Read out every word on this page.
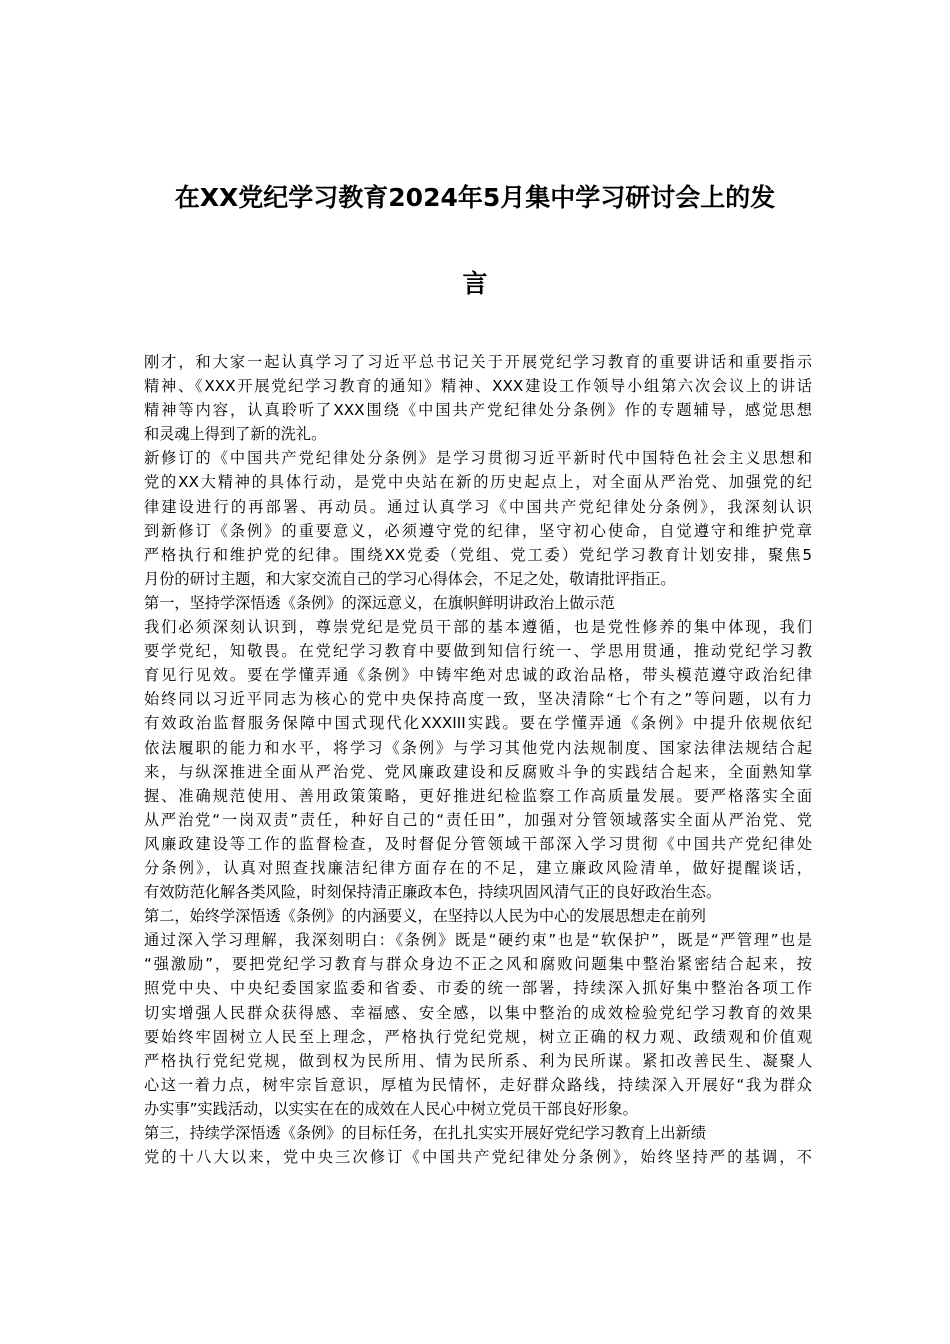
在XX党纪学习教育2024年5月集中学习研讨会上的发
言
刚才，和大家一起认真学习了习近平总书记关于开展党纪学习教育的重要讲话和重要指示
精神、《XXX开展党纪学习教育的通知》精神、XXX建设工作领导小组第六次会议上的讲话
精神等内容，认真聆听了XXX围绕《中国共产党纪律处分条例》作的专题辅导，感觉思想
和灵魂上得到了新的洗礼。
新修订的《中国共产党纪律处分条例》是学习贯彻习近平新时代中国特色社会主义思想和
党的XX大精神的具体行动，是党中央站在新的历史起点上，对全面从严治党、加强党的纪
律建设进行的再部署、再动员。通过认真学习《中国共产党纪律处分条例》，我深刻认识
到新修订《条例》的重要意义，必须遵守党的纪律，坚守初心使命，自觉遵守和维护党章
严格执行和维护党的纪律。围绕XX党委（党组、党工委）党纪学习教育计划安排，聚焦5
月份的研讨主题，和大家交流自己的学习心得体会，不足之处，敬请批评指正。
第一，坚持学深悟透《条例》的深远意义，在旗帜鲜明讲政治上做示范
我们必须深刻认识到，尊崇党纪是党员干部的基本遵循，也是党性修养的集中体现，我们
要学党纪，知敬畏。在党纪学习教育中要做到知信行统一、学思用贯通，推动党纪学习教
育见行见效。要在学懂弄通《条例》中铸牢绝对忠诚的政治品格，带头模范遵守政治纪律
始终同以习近平同志为核心的党中央保持高度一致，坚决清除“七个有之”等问题，以有力
有效政治监督服务保障中国式现代化XXXIII实践。要在学懂弄通《条例》中提升依规依纪
依法履职的能力和水平，将学习《条例》与学习其他党内法规制度、国家法律法规结合起
来，与纵深推进全面从严治党、党风廉政建设和反腐败斗争的实践结合起来，全面熟知掌
握、准确规范使用、善用政策策略，更好推进纪检监察工作高质量发展。要严格落实全面
从严治党“一岗双责”责任，种好自己的“责任田”，加强对分管领域落实全面从严治党、党
风廉政建设等工作的监督检查，及时督促分管领域干部深入学习贯彻《中国共产党纪律处
分条例》，认真对照查找廉洁纪律方面存在的不足，建立廉政风险清单，做好提醒谈话，
有效防范化解各类风险，时刻保持清正廉政本色，持续巩固风清气正的良好政治生态。
第二，始终学深悟透《条例》的内涵要义，在坚持以人民为中心的发展思想走在前列
通过深入学习理解，我深刻明白：《条例》既是“硬约束”也是“软保护”，既是“严管理”也是
“强激励”，要把党纪学习教育与群众身边不正之风和腐败问题集中整治紧密结合起来，按
照党中央、中央纪委国家监委和省委、市委的统一部署，持续深入抓好集中整治各项工作
切实增强人民群众获得感、幸福感、安全感，以集中整治的成效检验党纪学习教育的效果
要始终牢固树立人民至上理念，严格执行党纪党规，树立正确的权力观、政绩观和价值观
严格执行党纪党规，做到权为民所用、情为民所系、利为民所谋。紧扣改善民生、凝聚人
心这一着力点，树牢宗旨意识，厚植为民情怀，走好群众路线，持续深入开展好“我为群众
办实事”实践活动，以实实在在的成效在人民心中树立党员干部良好形象。
第三，持续学深悟透《条例》的目标任务，在扎扎实实开展好党纪学习教育上出新绩
党的十八大以来，党中央三次修订《中国共产党纪律处分条例》，始终坚持严的基调，不
